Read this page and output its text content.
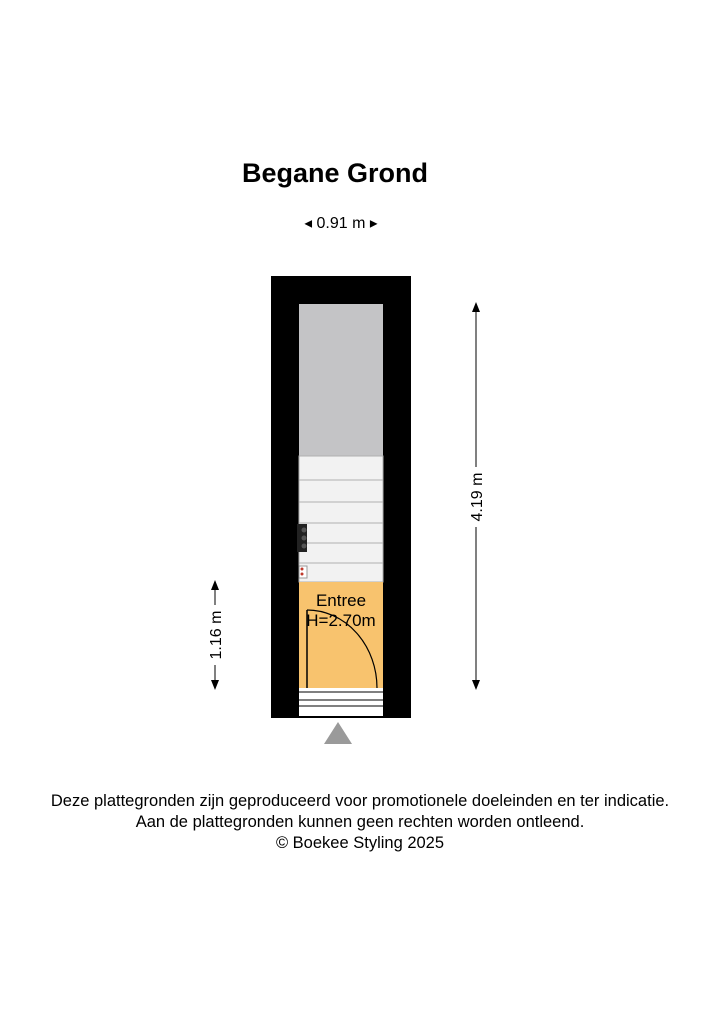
Begane Grond
◀ 0.91 m ▶
4.19 m
1.16 m
Entree
H=2.70m
Deze plattegronden zijn geproduceerd voor promotionele doeleinden en ter indicatie.
Aan de plattegronden kunnen geen rechten worden ontleend.
© Boekee Styling 2025
